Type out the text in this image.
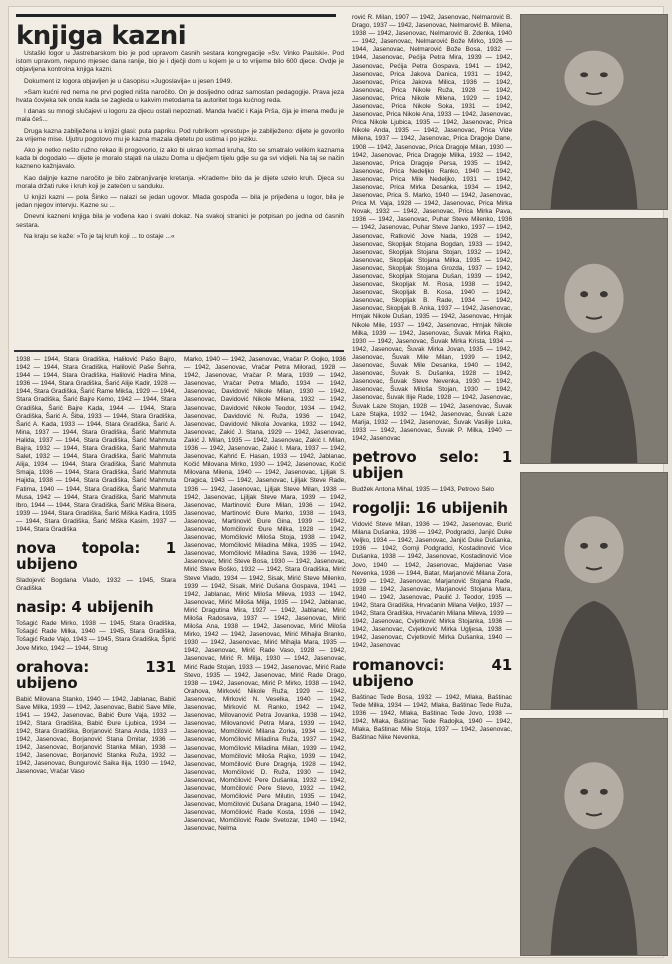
knjiga kazni

Ustaški logor u Jastrebarskom bio je pod upravom časnih sestara kongregacije »Sv. Vinko Paulski«. Pod istom upravom, nepuno mjesec dana ranije, bio je i dječji dom u kojem je u to vrijeme bilo 600 djece. Ovdje je objavljena kontrolna knjiga kazni.

Dokument iz logora objavljen je u časopisu »Jugoslavija« u jesen 1949.

»Sam kućni red nema ne prvi pogled ništa naročito. On je dosljedno odraz samostan pedagogije. Prava jeza hvata čovjeka tek onda kada se zagleda u kakvim metodama ta autoritet toga kućnog reda.

I danas su mnogi slučajevi u logoru za djecu ostali nepoznati. Manda Ivačić i Kaja Prša, čija je imena među je mala češ...

Druga kazna zabilježena u knjizi glasi: puta papriku. Pod rubrikom »prestup« je zabilježeno: dijete je govorilo za vrijeme mise. Ujutru pogotovo mu je kazna mazala djetetu po ustima i po jeziku.

Ako je netko nešto ružno rekao ili progovorio, iz ako bi ukrao komad kruha, što se smatralo velikim kaznama kada bi dogodalo — dijete je moralo stajati na ulazu Doma u dječjem tijelu gdje su ga svi vidjeli. Na taj se način kazneno kažnjavalo.

Kao daljnje kazne naročito je bilo zabranjivanje kretanja. »Kradem« bilo da je dijete uzelo kruh. Djeca su morala držati ruke i kruh koji je zatečen u sanduku.

U knjizi kazni — pola Šinko — nalazi se jedan ugovor. Mlada gospođa — bila je prijeđena u logor, bila je jedan njegov intervju. Kazne su ...

Dnevni kazneni knjiga bila je vođena kao i svaki dokaz. Na svakoj stranici je potpisan po jedna od časnih sestara.

Na kraju se kaže: »To je taj kruh koji ... to ostaje ...«

1938 — 1944, Stara Gradiška, Halilović Pašo Bajro, 1942 — 1944, Stara Gradiška, Halilović Paše Šehra, 1944 — 1944, Stara Gradiška, Halilović Hadira Mina, 1936 — 1944, Stara Gradiška, Šarić Alije Kadir, 1928 — 1944, Stara Gradiška, Šarić Rame Mikša, 1929 — 1944, Stara Gradiška, Šarić Bajre Kemo, 1942 — 1944, Stara Gradiška, Šarić Bajre Kada, 1944 — 1944, Stara Gradiška, Šarić A. Šiba, 1933 — 1944, Stara Gradiška, Šarić A. Kada, 1933 — 1944, Stara Gradiška, Šarić A. Mina, 1937 — 1944, Stara Gradiška, Šarić Mahmuta Halida, 1937 — 1944, Stara Gradiška, Šarić Mahmuta Bajra, 1932 — 1944, Stara Gradiška, Šarić Mahmuta Salet, 1932 — 1944, Stara Gradiška, Šarić Mahmuta Alija, 1934 — 1944, Stara Gradiška, Šarić Mahmuta Smaja, 1936 — 1944, Stara Gradiška, Šarić Mahmuta Hajida, 1938 — 1944, Stara Gradiška, Šarić Mahmuta Fatima, 1940 — 1944, Stara Gradiška, Šarić Mahmuta Musa, 1942 — 1944, Stara Gradiška, Šarić Mahmuta Ibro, 1944 — 1944, Stara Gradiška, Šarić Miška Bisera, 1939 — 1944, Stara Gradiška, Šarić Miška Kadira, 1935 — 1944, Stara Gradiška, Šarić Miška Kasim, 1937 — 1944, Stara Gradiška
nova topola: 1 ubijeno
Sladojević Bogdana Vlado, 1932 — 1945, Stara Gradiška
nasip: 4 ubijenih
Tošagić Rade Mirko, 1938 — 1945, Stara Gradiška, Tošagić Rade Milka, 1940 — 1945, Stara Gradiška, Tošagić Rade Vajo, 1943 — 1945, Stara Gradiška, Šprić Jove Mirko, 1942 — 1944, Strug
orahova: 131 ubijeno
Babić Milovana Stanko, 1940 — 1942, Jablanac, Babić Save Milka, 1939 — 1942, Jasenovac, Babić Save Mile, 1941 — 1942, Jasenovac, Babić Đure Vaja, 1932 — 1942, Stara Gradiška, Babić Đure Ljubica, 1934 — 1942, Stara Gradiška, Borjanović Stana Anda, 1933 — 1942, Jasenovac, Borjanović Stana Dmitar, 1936 — 1942, Jasenovac, Borjanović Stanka Milan, 1938 — 1942, Jasenovac, Borjanović Stanka Ruža, 1932 — 1942, Jasenovac, Bungurović Saika Ilija, 1930 — 1942, Jasenovac, Vračar Vaso
Marko, 1940 — 1942, Jasenovac, Vračar P. Gojko, 1936 — 1942, Jasenovac, Vračar Petra Milorad, 1928 — 1942, Jasenovac, Vračar P. Mara, 1939 — 1942, Jasenovac, Vračar Petra Mlađo, 1934 — 1942, Jasenovac, Davidović Nikole Milan, 1930 — 1942, Jasenovac, Davidović Nikole Milena, 1932 — 1942, Jasenovac, Davidović Nikole Teodor, 1934 — 1942, Jasenovac, Davidović N. Ruža, 1936 — 1942, Jasenovac, Davidović Nikola Jovanka, 1932 — 1942, Jasenovac, Zakić J. Stana, 1929 — 1942, Jasenovac, Zakić J. Milan, 1935 — 1942, Jasenovac, Zakić I. Milan, 1936 — 1942, Jasenovac, Zakić I. Mara, 1937 — 1942, Jasenovac, Kahrić E. Hasan, 1933 — 1942, Jablanac, Kočić Milovana Mirko, 1930 — 1942, Jasenovac, Kočić Milovana Milena, 1940 — 1942, Jasenovac, Ljiljak S. Dragica, 1943 — 1942, Jasenovac, Ljiljak Steve Rade, 1936 — 1942, Jasenovac, Ljiljak Steve Milan, 1938 — 1942, Jasenovac, Ljiljak Steve Mara, 1939 — 1942, Jasenovac, Martinović Đure Milan, 1936 — 1942, Jasenovac, Martinović Đure Marko, 1938 — 1943, Jasenovac, Martinović Đure Gina, 1939 — 1942, Jasenovac, Momčilović Đure Milka, 1928 — 1942, Jasenovac, Momčilović Miloša Stoja, 1938 — 1942, Jasenovac, Momčilović Miladina Milka, 1935 — 1942, Jasenovac, Momčilović Miladina Sava, 1936 — 1942, Jasenovac, Mirić Steve Bosa, 1930 — 1942, Jasenovac, Mirić Steve Boško, 1932 — 1942, Stara Gradiška, Mirić Steve Vlado, 1934 — 1942, Sisak, Mirić Steve Milenko, 1939 — 1942, Sisak, Mirić Dušana Gospava, 1941 — 1942, Jablanac, Mirić Miloša Mileva, 1933 — 1942, Jasenovac, Mirić Miloša Milja, 1935 — 1942, Jablanac, Mirić Dragutina Mira, 1927 — 1942, Jablanac, Mirić Miloša Radosava, 1937 — 1942, Jasenovac, Mirić Miloša Ana, 1938 — 1942, Jasenovac, Mirić Miloša Mirko, 1942 — 1942, Jasenovac, Mirić Mihajla Branko, 1930 — 1942, Jasenovac, Mirić Mihajla Mara, 1935 — 1942, Jasenovac, Mirić Rade Vaso, 1928 — 1942, Jasenovac, Mirić R. Milja, 1930 — 1942, Jasenovac, Mirić Rade Stojan, 1933 — 1942, Jasenovac, Mirić Rade Stevo, 1935 — 1942, Jasenovac, Mirić Rade Drago, 1938 — 1942, Jasenovac, Mirić P. Mirko, 1938 — 1942, Orahova, Mirković Nikole Ruža, 1929 — 1942, Jasenovac, Mirković N. Veselka, 1940 — 1942, Jasenovac, Mirković M. Ranko, 1942 — 1942, Jasenovac, Milovanović Petra Jovanka, 1938 — 1942, Jasenovac, Milovanović Petra Mara, 1939 — 1942, Jasenovac, Momčilović Milana Zorka, 1934 — 1942, Jasenovac, Momčilović Miladina Ruža, 1937 — 1942, Jasenovac, Momčilović Miladina Milan, 1939 — 1942, Jasenovac, Momčilović Miloša Rajko, 1939 — 1942, Jasenovac, Momčilović Đure Dragnja, 1928 — 1942, Jasenovac, Momčilović D. Ruža, 1930 — 1942, Jasenovac, Momčilović Pere Dušanka, 1932 — 1942, Jasenovac, Momčilović Pere Stevo, 1932 — 1942, Jasenovac, Momčilović Pere Milutin, 1935 — 1942, Jasenovac, Momčilović Dušana Dragana, 1940 — 1942, Jasenovac, Momčilović Rade Kosta, 1936 — 1942, Jasenovac, Momčilović Rade Svetozar, 1940 — 1942, Jasenovac, Nelma
rović R. Milan, 1907 — 1942, Jasenovac, Nelmarović B. Drago, 1937 — 1942, Jasenovac, Nelmarović B. Milena, 1938 — 1942, Jasenovac, Nelmarović B. Zdenka, 1940 — 1942, Jasenovac, Nelmarović Bože Mirko, 1926 — 1944, Jasenovac, Nelmarović Bože Bosa, 1932 — 1944, Jasenovac, Pećija Petra Mira, 1939 — 1942, Jasenovac, Pećija Petra Gospava, 1941 — 1942, Jasenovac, Prica Jakova Danica, 1931 — 1942, Jasenovac, Prica Jakova Milica, 1936 — 1942, Jasenovac, Prica Nikole Ruža, 1928 — 1942, Jasenovac, Prica Nikole Milena, 1929 — 1942, Jasenovac, Prica Nikole Soka, 1931 — 1942, Jasenovac, Prica Nikole Ana, 1933 — 1942, Jasenovac, Prica Nikole Ljubica, 1935 — 1942, Jasenovac, Prica Nikole Anda, 1935 — 1942, Jasenovac, Prica Vide Milena, 1937 — 1942, Jasenovac, Prica Dragoje Dane, 1908 — 1942, Jasenovac, Prica Dragoje Milan, 1930 — 1942, Jasenovac, Prica Dragoje Milka, 1932 — 1942, Jasenovac, Prica Dragoje Persa, 1935 — 1942, Jasenovac, Prica Nedeljko Ranko, 1940 — 1942, Jasenovac, Prica Mile Nedeljko, 1931 — 1942, Jasenovac, Prica Mirka Desanka, 1934 — 1942, Jasenovac, Prica S. Marko, 1940 — 1942, Jasenovac, Prica M. Vaja, 1928 — 1942, Jasenovac, Prica Mirka Novak, 1932 — 1942, Jasenovac, Prica Mirka Pava, 1936 — 1942, Jasenovac, Puhar Steve Milenko, 1936 — 1942, Jasenovac, Puhar Steve Janko, 1937 — 1942, Jasenovac, Ratković Jove Nada, 1928 — 1942, Jasenovac, Skopljak Stojana Bogdan, 1933 — 1942, Jasenovac, Skopljak Stojana Stojan, 1932 — 1942, Jasenovac, Skopljak Stojana Milka, 1935 — 1942, Jasenovac, Skopljak Stojana Grozda, 1937 — 1942, Jasenovac, Skopljak Stojana Dušan, 1939 — 1942, Jasenovac, Skopljak M. Rosa, 1938 — 1942, Jasenovac, Skopljak B. Kosa, 1940 — 1942, Jasenovac, Skopljak B. Rade, 1934 — 1942, Jasenovac, Skopljak B. Anka, 1937 — 1942, Jasenovac, Hrnjak Nikole Dušan, 1935 — 1942, Jasenovac, Hrnjak Nikole Mile, 1937 — 1942, Jasenovac, Hrnjak Nikole Milka, 1939 — 1942, Jasenovac, Šuvak Mirka Rajko, 1930 — 1942, Jasenovac, Šuvak Mirka Krista, 1934 — 1942, Jasenovac, Šuvak Mirka Jovan, 1935 — 1942, Jasenovac, Šuvak Mile Milan, 1939 — 1942, Jasenovac, Šuvak Mile Desanka, 1940 — 1942, Jasenovac, Šuvak S. Dušanka, 1928 — 1942, Jasenovac, Šuvak Steve Nevenka, 1930 — 1942, Jasenovac, Šuvak Miloša Stojan, 1930 — 1942, Jasenovac, Šuvak Ilije Rade, 1928 — 1942, Jasenovac, Šuvak Laze Stojan, 1928 — 1942, Jasenovac, Šuvak Laze Stajka, 1932 — 1942, Jasenovac, Šuvak Laze Marija, 1932 — 1942, Jasenovac, Šuvak Vasilije Luka, 1933 — 1942, Jasenovac, Šuvak P. Milka, 1940 — 1942, Jasenovac
petrovo selo: 1 ubijen
Budžek Antona Mihal, 1935 — 1943, Petrovo Selo
rogolji: 16 ubijenih
Vidović Steve Milan, 1936 — 1942, Jasenovac, Đurić Milana Dušanka, 1936 — 1942, Podgradci, Janjić Duke Veljko, 1934 — 1942, Jasenovac, Janjić Duke Dušanka, 1936 — 1942, Gornji Podgradci, Kostadinović Vice Dušanka, 1938 — 1942, Jasenovac, Kostadinović Vice Jovo, 1940 — 1942, Jasenovac, Majdenac Vase Nevenka, 1936 — 1944, Batar, Marjanović Milana Zora, 1929 — 1942, Jasenovac, Marjanović Stojana Rade, 1938 — 1942, Jasenovac, Marjanović Stojana Mara, 1940 — 1942, Jasenovac, Paulić J. Teodor, 1935 — 1942, Stara Gradiška, Hrvaćanin Milana Veljko, 1937 — 1942, Stara Gradiška, Hrvaćanin Milana Mileva, 1939 — 1942, Jasenovac, Cvjetković Mirka Stojanka, 1936 — 1942, Jasenovac, Cvjetković Mirka Ugljesa, 1938 — 1942, Jasenovac, Cvjetković Mirka Dušanka, 1940 — 1942, Jasenovac
romanovci: 41 ubijeno
Baštinac Tede Bosa, 1932 — 1942, Mlaka, Baštinac Tede Milka, 1934 — 1942, Mlaka, Baštinac Tede Ruža, 1936 — 1942, Mlaka, Baštinac Tede Jovo, 1938 — 1942, Mlaka, Baštinac Tede Radojka, 1940 — 1942, Mlaka, Baštinac Mile Stoja, 1937 — 1942, Jasenovac, Baštinac Nike Nevenka,
